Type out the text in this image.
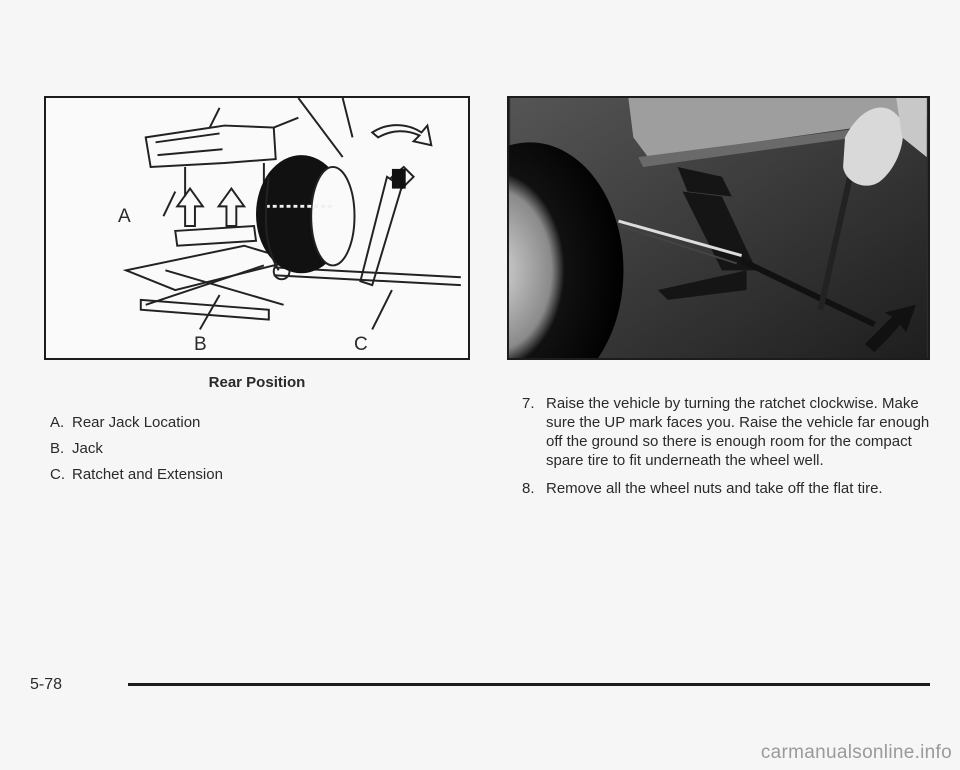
A
B	C
Rear Position
A. Rear Jack Location
B. Jack
C. Ratchet and Extension
7. Raise the vehicle by turning the ratchet clockwise. Make sure the UP mark faces you. Raise the vehicle far enough off the ground so there is enough room for the compact spare tire to fit underneath the wheel well.
8. Remove all the wheel nuts and take off the flat tire.
5-78
carmanualsonline.info
